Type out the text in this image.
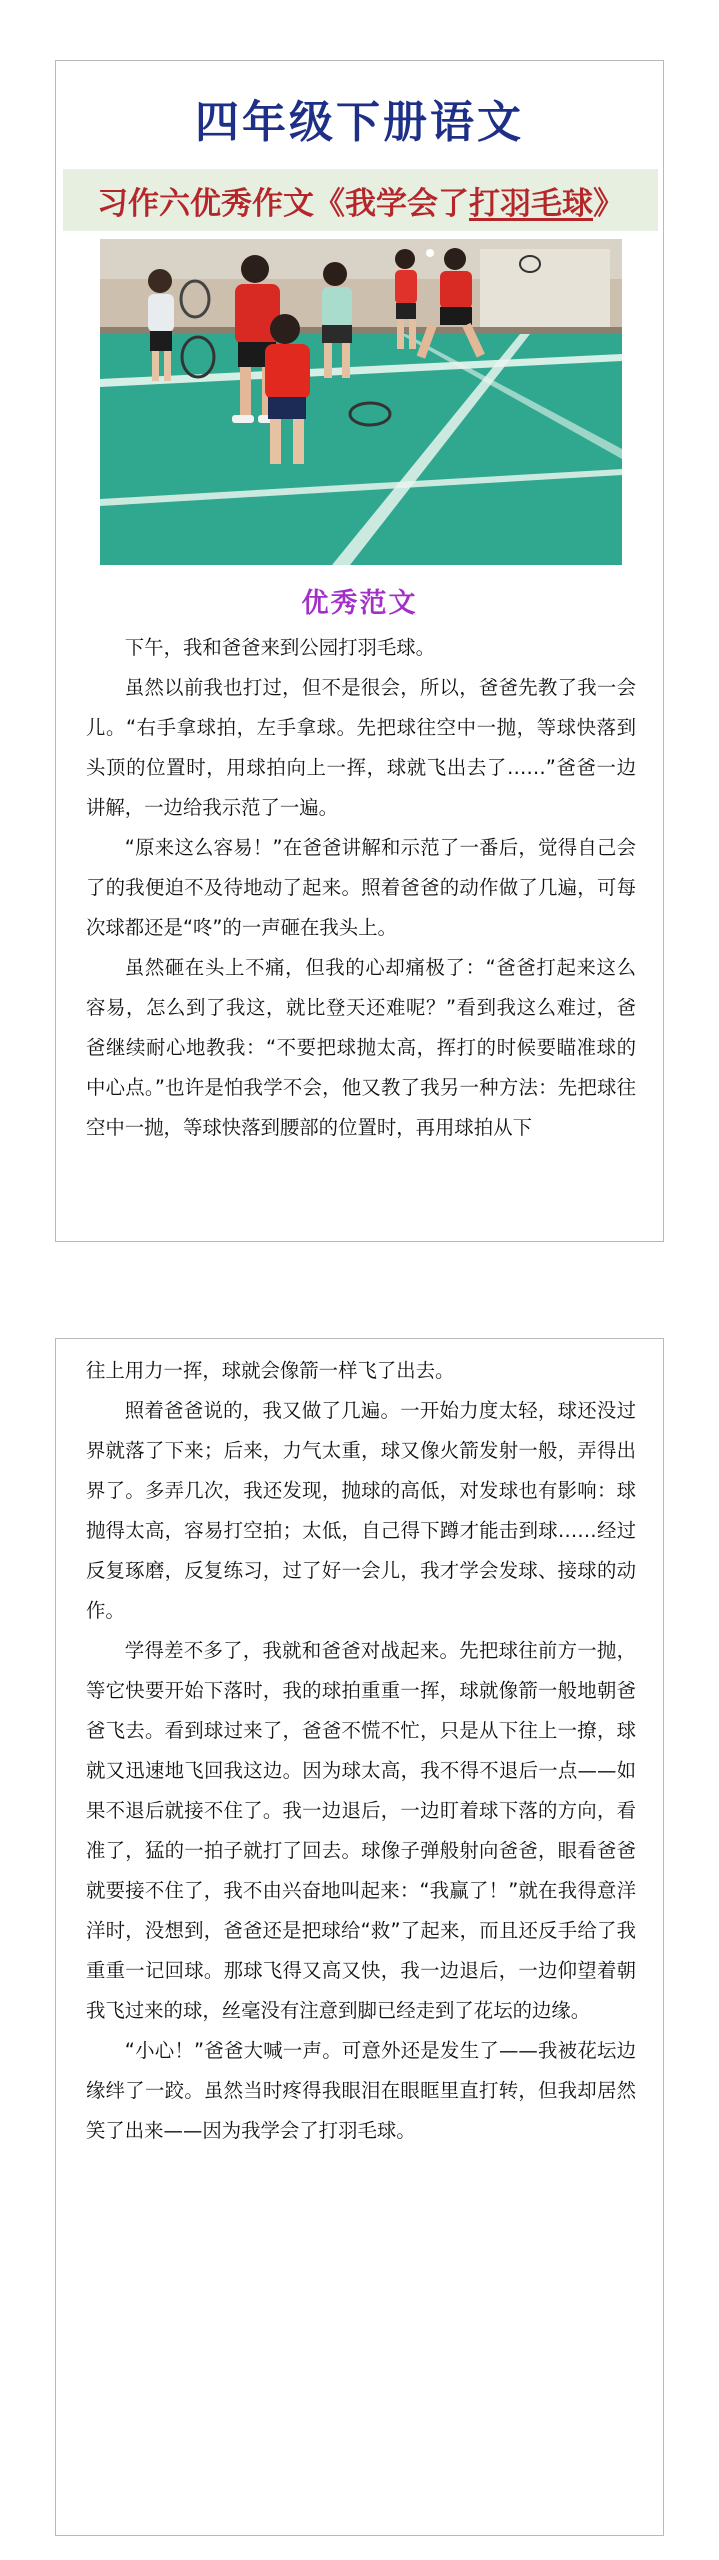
四年级下册语文
习作六优秀作文《我学会了 打羽毛球 》
优秀范文

下午，我和爸爸来到公园打羽毛球。

虽然以前我也打过，但不是很会，所以，爸爸先教了我一会儿。“右手拿球拍，左手拿球。先把球往空中一抛，等球快落到头顶的位置时，用球拍向上一挥，球就飞出去了……”爸爸一边讲解，一边给我示范了一遍。

“原来这么容易！”在爸爸讲解和示范了一番后，觉得自己会了的我便迫不及待地动了起来。照着爸爸的动作做了几遍，可每次球都还是“咚”的一声砸在我头上。

虽然砸在头上不痛，但我的心却痛极了：“爸爸打起来这么容易，怎么到了我这，就比登天还难呢？”看到我这么难过，爸爸继续耐心地教我：“不要把球抛太高，挥打的时候要瞄准球的中心点。”也许是怕我学不会，他又教了我另一种方法：先把球往空中一抛，等球快落到腰部的位置时，再用球拍从下

往上用力一挥，球就会像箭一样飞了出去。

照着爸爸说的，我又做了几遍。一开始力度太轻，球还没过界就落了下来；后来，力气太重，球又像火箭发射一般，弄得出界了。多弄几次，我还发现，抛球的高低，对发球也有影响：球抛得太高，容易打空拍；太低，自己得下蹲才能击到球……经过反复琢磨，反复练习，过了好一会儿，我才学会发球、接球的动作。

学得差不多了，我就和爸爸对战起来。先把球往前方一抛，等它快要开始下落时，我的球拍重重一挥，球就像箭一般地朝爸爸飞去。看到球过来了，爸爸不慌不忙，只是从下往上一撩，球就又迅速地飞回我这边。因为球太高，我不得不退后一点——如果不退后就接不住了。我一边退后，一边盯着球下落的方向，看准了，猛的一拍子就打了回去。球像子弹般射向爸爸，眼看爸爸就要接不住了，我不由兴奋地叫起来：“我赢了！”就在我得意洋洋时，没想到，爸爸还是把球给“救”了起来，而且还反手给了我重重一记回球。那球飞得又高又快，我一边退后，一边仰望着朝我飞过来的球，丝毫没有注意到脚已经走到了花坛的边缘。

“小心！”爸爸大喊一声。可意外还是发生了——我被花坛边缘绊了一跤。虽然当时疼得我眼泪在眼眶里直打转，但我却居然笑了出来——因为我学会了打羽毛球。
